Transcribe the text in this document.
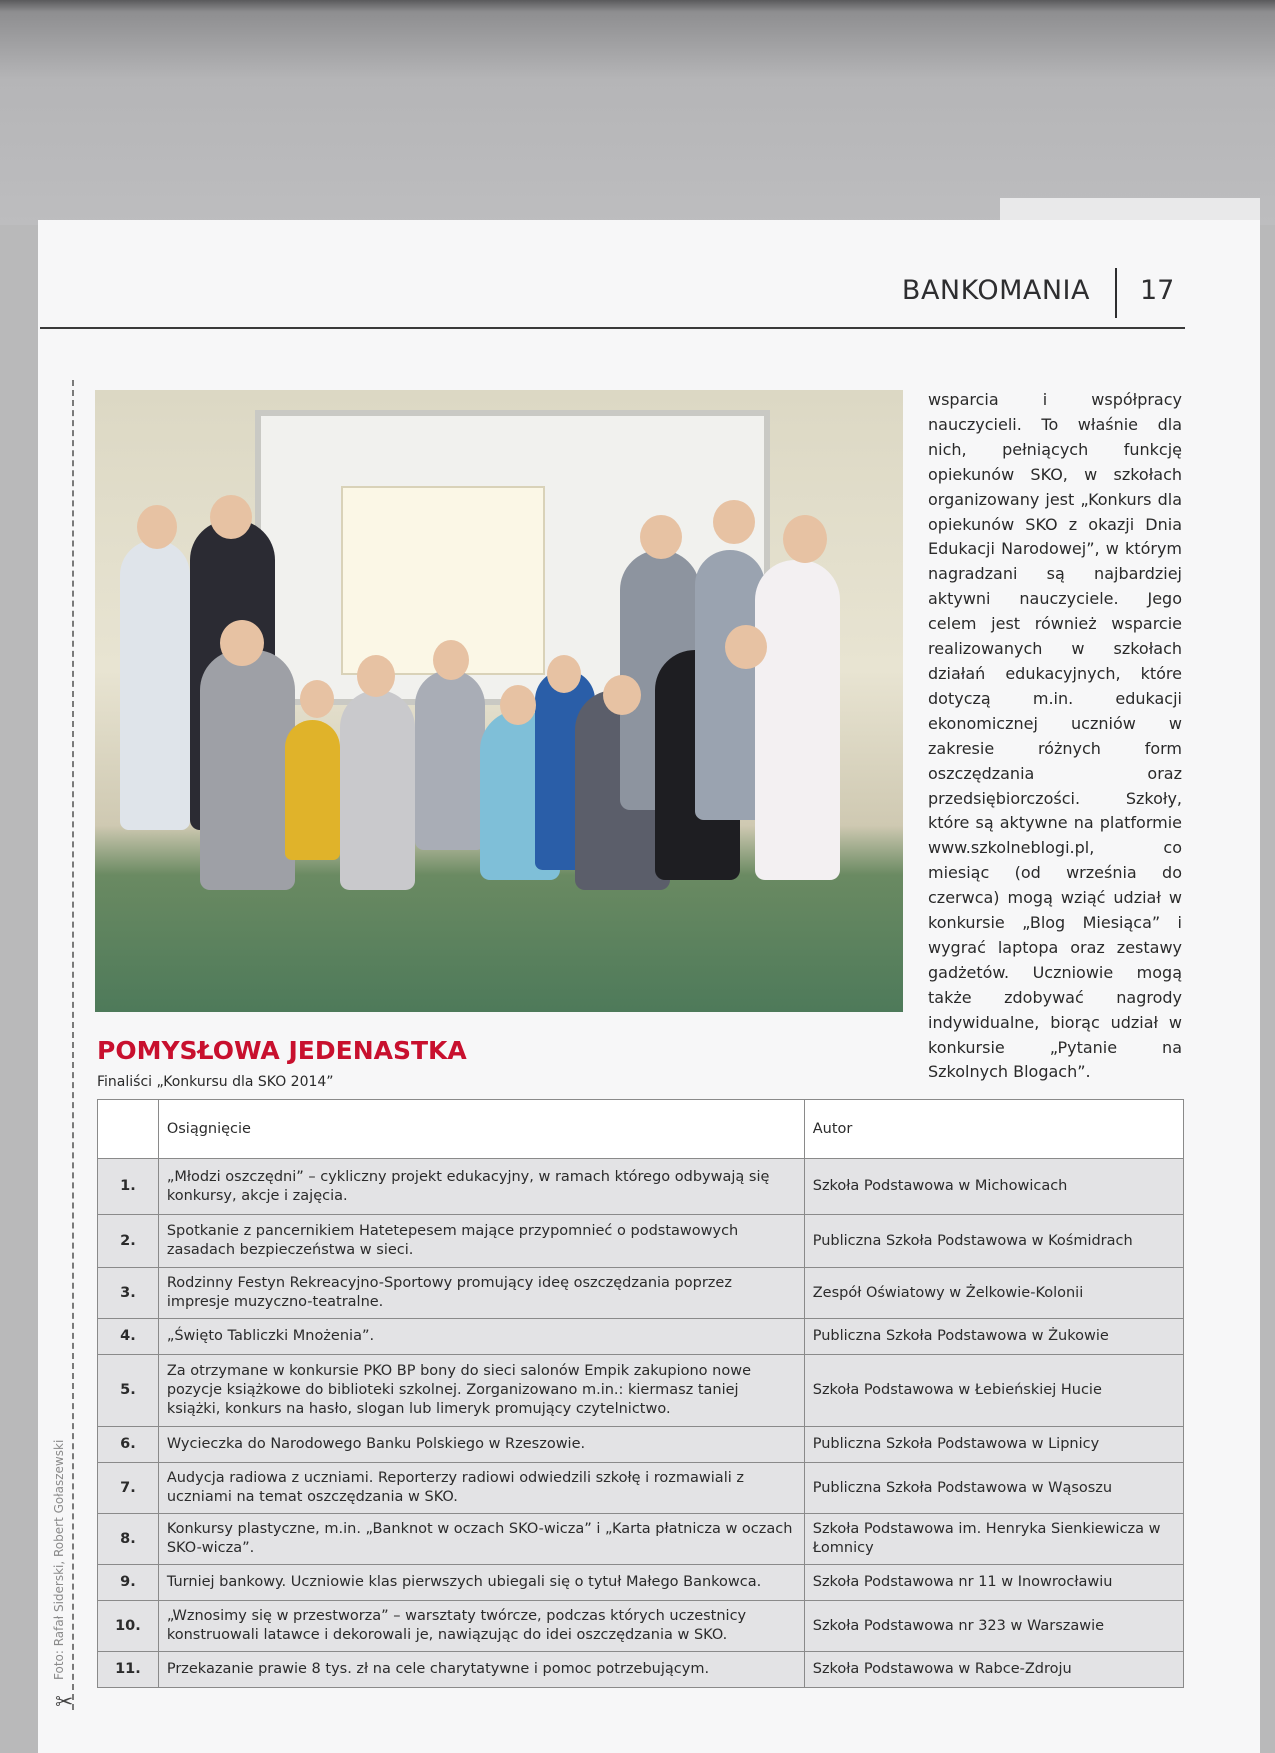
BANKOMANIA 17

wsparcia i współpracy nauczycieli. To właśnie dla nich, pełniących funkcję opiekunów SKO, w szkołach organizowany jest „Konkurs dla opiekunów SKO z okazji Dnia Edukacji Narodowej”, w którym nagradzani są najbardziej aktywni nauczyciele. Jego celem jest również wsparcie realizowanych w szkołach działań edukacyjnych, które dotyczą m.in. edukacji ekonomicznej uczniów w zakresie różnych form oszczędzania oraz przedsiębiorczości. Szkoły, które są aktywne na platformie www.szkolneblogi.pl, co miesiąc (od września do czerwca) mogą wziąć udział w konkursie „Blog Miesiąca” i wygrać laptopa oraz zestawy gadżetów. Uczniowie mogą także zdobywać nagrody indywidualne, biorąc udział w konkursie „Pytanie na Szkolnych Blogach”.

POMYSŁOWA JEDENASTKA

Finaliści „Konkursu dla SKO 2014”

	Osiągnięcie	Autor
1.	„Młodzi oszczędni” – cykliczny projekt edukacyjny, w ramach którego odbywają się konkursy, akcje i zajęcia.	Szkoła Podstawowa w Michowicach
2.	Spotkanie z pancernikiem Hatetepesem mające przypomnieć o podstawowych zasadach bezpieczeństwa w sieci.	Publiczna Szkoła Podstawowa w Kośmidrach
3.	Rodzinny Festyn Rekreacyjno-Sportowy promujący ideę oszczędzania poprzez impresje muzyczno-teatralne.	Zespół Oświatowy w Żelkowie-Kolonii
4.	„Święto Tabliczki Mnożenia”.	Publiczna Szkoła Podstawowa w Żukowie
5.	Za otrzymane w konkursie PKO BP bony do sieci salonów Empik zakupiono nowe pozycje książkowe do biblioteki szkolnej. Zorganizowano m.in.: kiermasz taniej książki, konkurs na hasło, slogan lub limeryk promujący czytelnictwo.	Szkoła Podstawowa w Łebieńskiej Hucie
6.	Wycieczka do Narodowego Banku Polskiego w Rzeszowie.	Publiczna Szkoła Podstawowa w Lipnicy
7.	Audycja radiowa z uczniami. Reporterzy radiowi odwiedzili szkołę i rozmawiali z uczniami na temat oszczędzania w SKO.	Publiczna Szkoła Podstawowa w Wąsoszu
8.	Konkursy plastyczne, m.in. „Banknot w oczach SKO-wicza” i „Karta płatnicza w oczach SKO-wicza”.	Szkoła Podstawowa im. Henryka Sienkiewicza w Łomnicy
9.	Turniej bankowy. Uczniowie klas pierwszych ubiegali się o tytuł Małego Bankowca.	Szkoła Podstawowa nr 11 w Inowrocławiu
10.	„Wznosimy się w przestworza” – warsztaty twórcze, podczas których uczestnicy konstruowali latawce i dekorowali je, nawiązując do idei oszczędzania w SKO.	Szkoła Podstawowa nr 323 w Warszawie
11.	Przekazanie prawie 8 tys. zł na cele charytatywne i pomoc potrzebującym.	Szkoła Podstawowa w Rabce-Zdroju
Foto: Rafał Siderski, Robert Gołaszewski
✂
